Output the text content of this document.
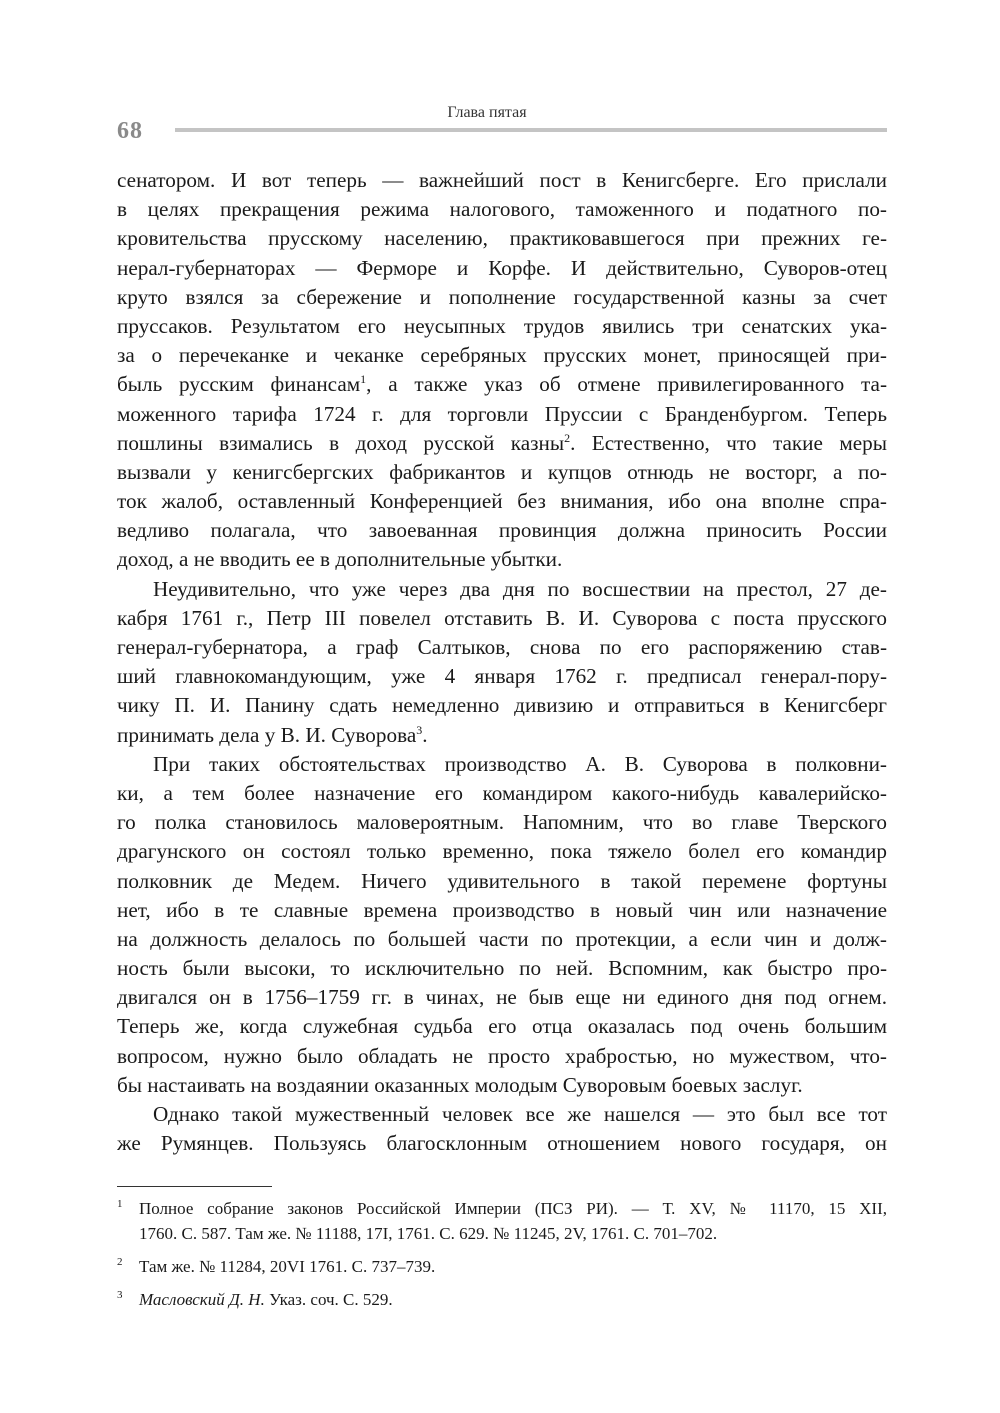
68
Глава пятая
сенатором. И вот теперь — важнейший пост в Кенигсберге. Его прислали
в целях прекращения режима налогового, таможенного и податного по-
кровительства прусскому населению, практиковавшегося при прежних ге-
нерал-губернаторах — Ферморе и Корфе. И действительно, Суворов-отец
круто взялся за сбережение и пополнение государственной казны за счет
пруссаков. Результатом его неусыпных трудов явились три сенатских ука-
за о перечеканке и чеканке серебряных прусских монет, приносящей при-
быль русским финансам$^1$, а также указ об отмене привилегированного та-
моженного тарифа 1724 г. для торговли Пруссии с Бранденбургом. Теперь
пошлины взимались в доход русской казны$^2$. Естественно, что такие меры
вызвали у кенигсбергских фабрикантов и купцов отнюдь не восторг, а по-
ток жалоб, оставленный Конференцией без внимания, ибо она вполне спра-
ведливо полагала, что завоеванная провинция должна приносить России
доход, а не вводить ее в дополнительные убытки.
Неудивительно, что уже через два дня по восшествии на престол, 27 де-
кабря 1761 г., Петр III повелел отставить В. И. Суворова с поста прусского
генерал-губернатора, а граф Салтыков, снова по его распоряжению став-
ший главнокомандующим, уже 4 января 1762 г. предписал генерал-пору-
чику П. И. Панину сдать немедленно дивизию и отправиться в Кенигсберг
принимать дела у В. И. Суворова$^3$.
При таких обстоятельствах производство А. В. Суворова в полковни-
ки, а тем более назначение его командиром какого-нибудь кавалерийско-
го полка становилось маловероятным. Напомним, что во главе Тверского
драгунского он состоял только временно, пока тяжело болел его командир
полковник де Медем. Ничего удивительного в такой перемене фортуны
нет, ибо в те славные времена производство в новый чин или назначение
на должность делалось по большей части по протекции, а если чин и долж-
ность были высоки, то исключительно по ней. Вспомним, как быстро про-
двигался он в 1756–1759 гг. в чинах, не быв еще ни единого дня под огнем.
Теперь же, когда служебная судьба его отца оказалась под очень большим
вопросом, нужно было обладать не просто храбростью, но мужеством, что-
бы настаивать на воздаянии оказанных молодым Суворовым боевых заслуг.
Однако такой мужественный человек все же нашелся — это был все тот
же Румянцев. Пользуясь благосклонным отношением нового государя, он
1 Полное собрание законов Российской Империи (ПСЗ РИ). — Т. XV, № 11170, 15 XII,
1760. С. 587. Там же. № 11188, 17I, 1761. С. 629. № 11245, 2V, 1761. С. 701–702.
2 Там же. № 11284, 20VI 1761. С. 737–739.
3 Масловский Д. Н. Указ. соч. С. 529.
